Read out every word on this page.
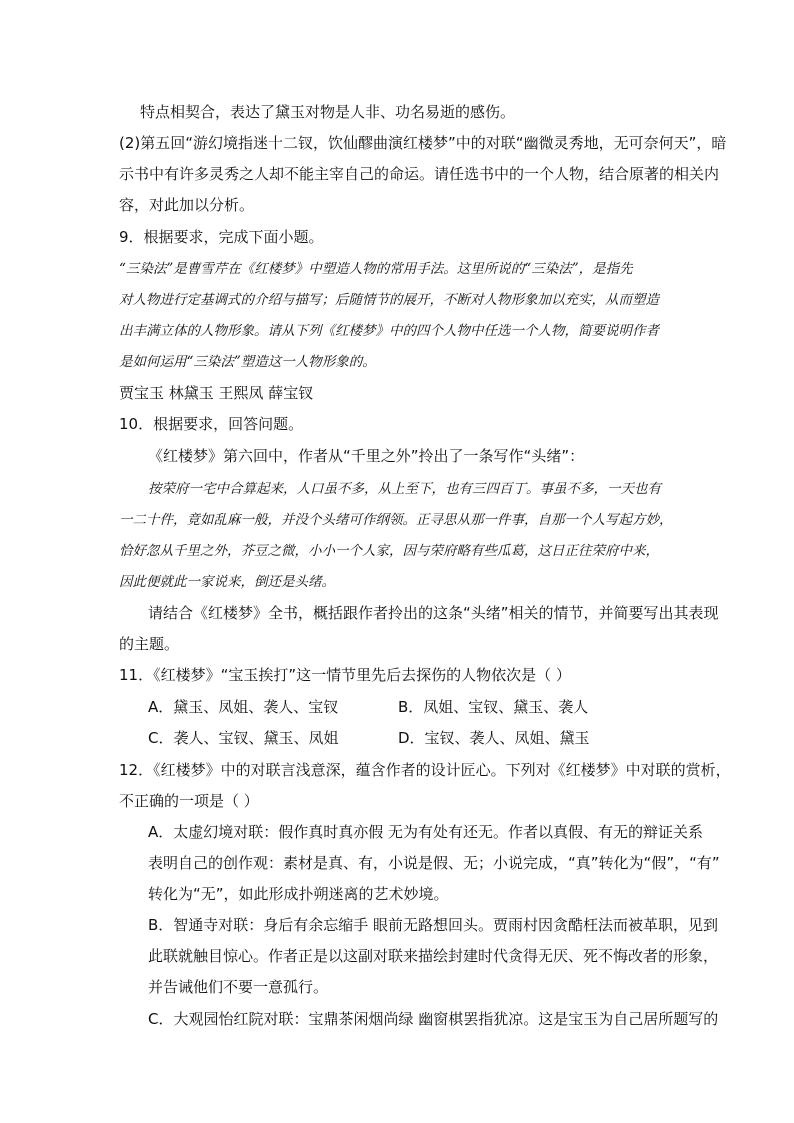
特点相契合，表达了黛玉对物是人非、功名易逝的感伤。
(2)第五回“游幻境指迷十二钗，饮仙醪曲演红楼梦”中的对联“幽微灵秀地，无可奈何天”，暗
示书中有许多灵秀之人却不能主宰自己的命运。请任选书中的一个人物，结合原著的相关内
容，对此加以分析。
9．根据要求，完成下面小题。
“三染法”是曹雪芹在《红楼梦》中塑造人物的常用手法。这里所说的“三染法”，是指先
对人物进行定基调式的介绍与描写；后随情节的展开，不断对人物形象加以充实，从而塑造
出丰满立体的人物形象。请从下列《红楼梦》中的四个人物中任选一个人物，简要说明作者
是如何运用“三染法”塑造这一人物形象的。
贾宝玉 林黛玉 王熙凤 薛宝钗
10．根据要求，回答问题。
《红楼梦》第六回中，作者从“千里之外”拎出了一条写作“头绪”：
按荣府一宅中合算起来，人口虽不多，从上至下，也有三四百丁。事虽不多，一天也有
一二十件，竟如乱麻一般，并没个头绪可作纲领。正寻思从那一件事，自那一个人写起方妙，
恰好忽从千里之外，芥豆之微，小小一个人家，因与荣府略有些瓜葛，这日正往荣府中来，
因此便就此一家说来，倒还是头绪。
请结合《红楼梦》全书，概括跟作者拎出的这条“头绪”相关的情节，并简要写出其表现
的主题。
11．《红楼梦》“宝玉挨打”这一情节里先后去探伤的人物依次是（ ）
A．黛玉、凤姐、袭人、宝钗	B．凤姐、宝钗、黛玉、袭人
C．袭人、宝钗、黛玉、凤姐	D．宝钗、袭人、凤姐、黛玉
12．《红楼梦》中的对联言浅意深，蕴含作者的设计匠心。下列对《红楼梦》中对联的赏析，
不正确的一项是（ ）
A．太虚幻境对联：假作真时真亦假 无为有处有还无。作者以真假、有无的辩证关系
表明自己的创作观：素材是真、有，小说是假、无；小说完成，“真”转化为“假”，“有”
转化为“无”，如此形成扑朔迷离的艺术妙境。
B．智通寺对联：身后有余忘缩手 眼前无路想回头。贾雨村因贪酷枉法而被革职，见到
此联就触目惊心。作者正是以这副对联来描绘封建时代贪得无厌、死不悔改者的形象，
并告诫他们不要一意孤行。
C．大观园怡红院对联：宝鼎茶闲烟尚绿 幽窗棋罢指犹凉。这是宝玉为自己居所题写的
